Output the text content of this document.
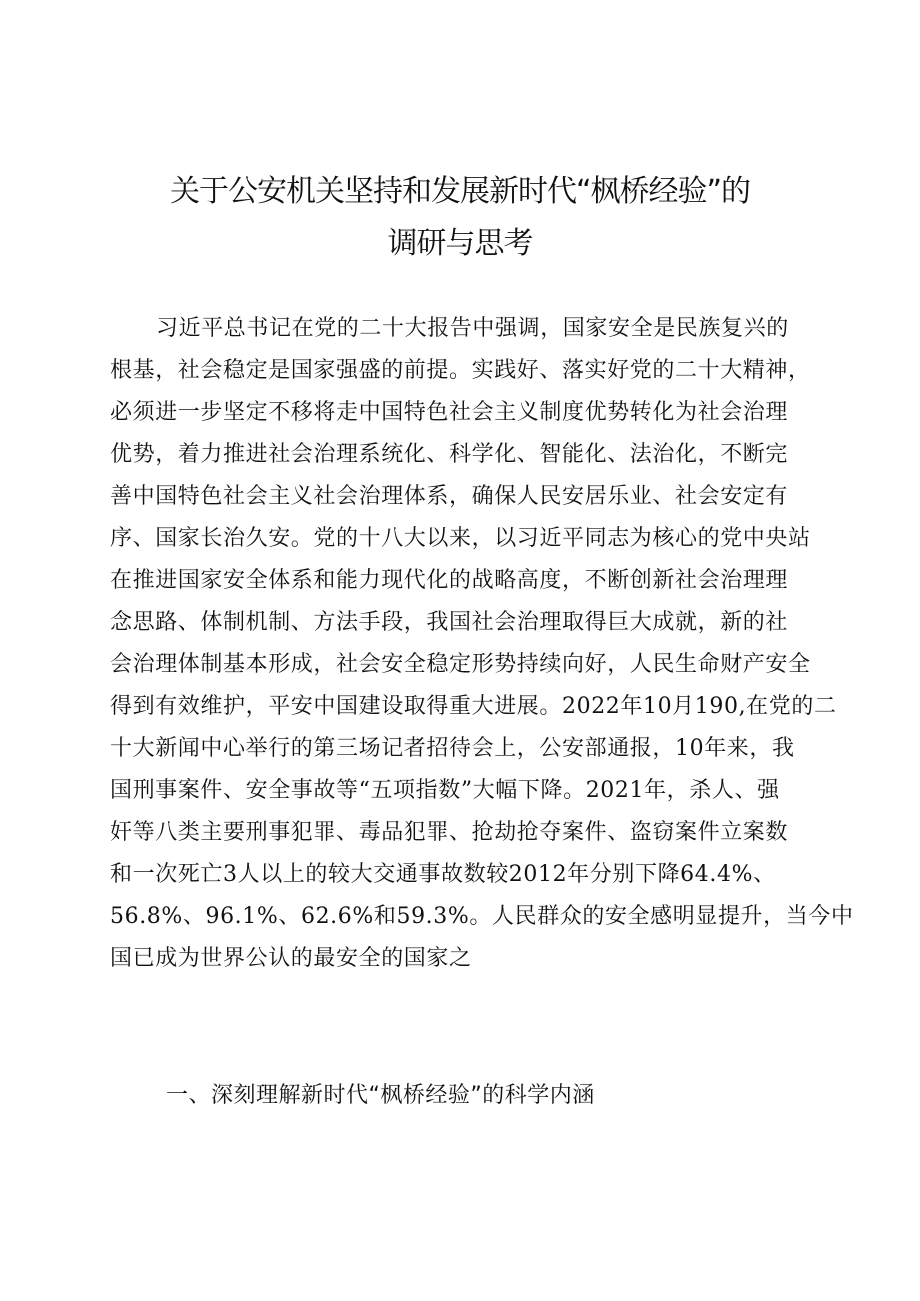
关于公安机关坚持和发展新时代“枫桥经验”的
调研与思考
习近平总书记在党的二十大报告中强调，国家安全是民族复兴的
根基，社会稳定是国家强盛的前提。实践好、落实好党的二十大精神，
必须进一步坚定不移将走中国特色社会主义制度优势转化为社会治理
优势，着力推进社会治理系统化、科学化、智能化、法治化，不断完
善中国特色社会主义社会治理体系，确保人民安居乐业、社会安定有
序、国家长治久安。党的十八大以来，以习近平同志为核心的党中央站
在推进国家安全体系和能力现代化的战略高度，不断创新社会治理理
念思路、体制机制、方法手段，我国社会治理取得巨大成就，新的社
会治理体制基本形成，社会安全稳定形势持续向好，人民生命财产安全
得到有效维护，平安中国建设取得重大进展。2022年10月190,在党的二
十大新闻中心举行的第三场记者招待会上，公安部通报，10年来，我
国刑事案件、安全事故等“五项指数”大幅下降。2021年，杀人、强
奸等八类主要刑事犯罪、毒品犯罪、抢劫抢夺案件、盗窃案件立案数
和一次死亡3人以上的较大交通事故数较2012年分别下降64.4%、
56.8%、96.1%、62.6%和59.3%。人民群众的安全感明显提升，当今中
国已成为世界公认的最安全的国家之
一、深刻理解新时代“枫桥经验”的科学内涵
